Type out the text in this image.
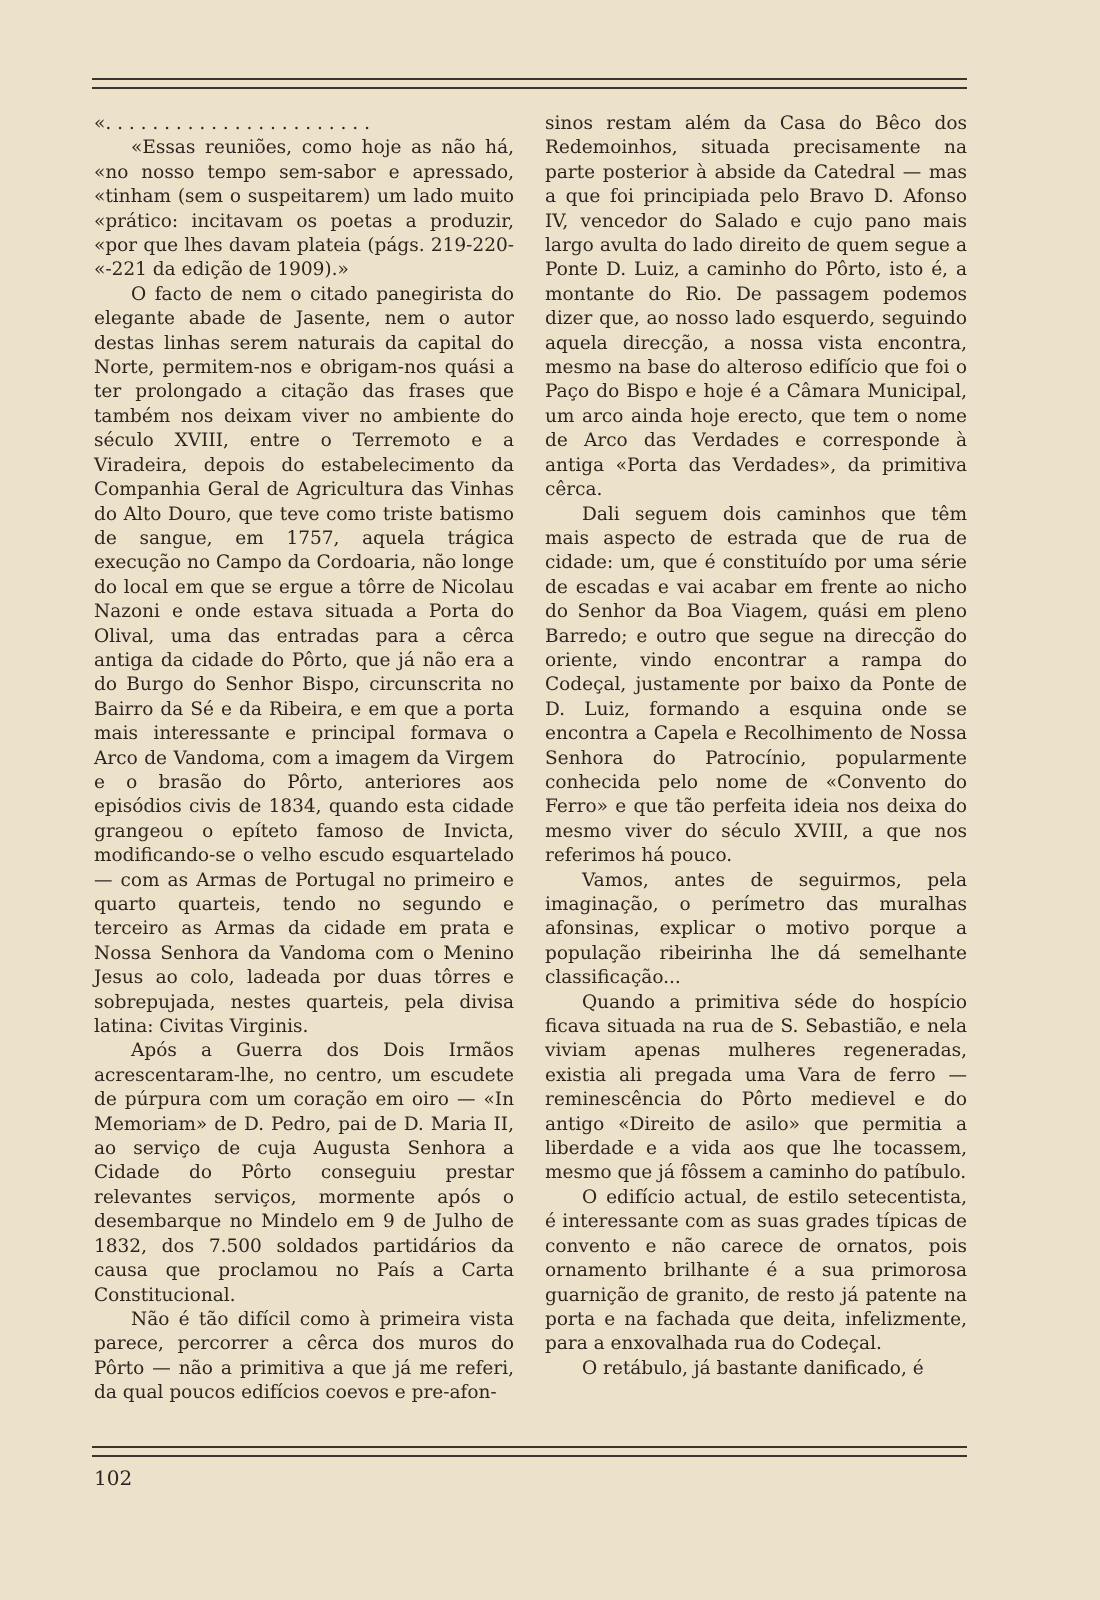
«. . . . . . . . . . . . . . . . . . . . . . .

«Essas reuniões, como hoje as não há, «no nosso tempo sem-sabor e apressado, «tinham (sem o suspeitarem) um lado muito «prático: incitavam os poetas a produzir, «por que lhes davam plateia (págs. 219-220- «-221 da edição de 1909).»

O facto de nem o citado panegirista do elegante abade de Jasente, nem o autor destas linhas serem naturais da capital do Norte, permitem-nos e obrigam-nos quási a ter prolongado a citação das frases que também nos deixam viver no ambiente do século XVIII, entre o Terremoto e a Viradeira, depois do estabelecimento da Companhia Geral de Agricultura das Vinhas do Alto Douro, que teve como triste batismo de sangue, em 1757, aquela trágica execução no Campo da Cordoaria, não longe do local em que se ergue a tôrre de Nicolau Nazoni e onde estava situada a Porta do Olival, uma das entradas para a cêrca antiga da cidade do Pôrto, que já não era a do Burgo do Senhor Bispo, circunscrita no Bairro da Sé e da Ribeira, e em que a porta mais interessante e principal formava o Arco de Vandoma, com a imagem da Virgem e o brasão do Pôrto, anteriores aos episódios civis de 1834, quando esta cidade grangeou o epíteto famoso de Invicta, modificando-se o velho escudo esquartelado — com as Armas de Portugal no primeiro e quarto quarteis, tendo no segundo e terceiro as Armas da cidade em prata e Nossa Senhora da Vandoma com o Menino Jesus ao colo, ladeada por duas tôrres e sobrepujada, nestes quarteis, pela divisa latina: Civitas Virginis.

Após a Guerra dos Dois Irmãos acrescentaram-lhe, no centro, um escudete de púrpura com um coração em oiro — «In Memoriam» de D. Pedro, pai de D. Maria II, ao serviço de cuja Augusta Senhora a Cidade do Pôrto conseguiu prestar relevantes serviços, mormente após o desembarque no Mindelo em 9 de Julho de 1832, dos 7.500 soldados partidários da causa que proclamou no País a Carta Constitucional.

Não é tão difícil como à primeira vista parece, percorrer a cêrca dos muros do Pôrto — não a primitiva a que já me referi, da qual poucos edifícios coevos e pre-afon-

sinos restam além da Casa do Bêco dos Redemoinhos, situada precisamente na parte posterior à abside da Catedral — mas a que foi principiada pelo Bravo D. Afonso IV, vencedor do Salado e cujo pano mais largo avulta do lado direito de quem segue a Ponte D. Luiz, a caminho do Pôrto, isto é, a montante do Rio. De passagem podemos dizer que, ao nosso lado esquerdo, seguindo aquela direcção, a nossa vista encontra, mesmo na base do alteroso edifício que foi o Paço do Bispo e hoje é a Câmara Municipal, um arco ainda hoje erecto, que tem o nome de Arco das Verdades e corresponde à antiga «Porta das Verdades», da primitiva cêrca.

Dali seguem dois caminhos que têm mais aspecto de estrada que de rua de cidade: um, que é constituído por uma série de escadas e vai acabar em frente ao nicho do Senhor da Boa Viagem, quási em pleno Barredo; e outro que segue na direcção do oriente, vindo encontrar a rampa do Codeçal, justamente por baixo da Ponte de D. Luiz, formando a esquina onde se encontra a Capela e Recolhimento de Nossa Senhora do Patrocínio, popularmente conhecida pelo nome de «Convento do Ferro» e que tão perfeita ideia nos deixa do mesmo viver do século XVIII, a que nos referimos há pouco.

Vamos, antes de seguirmos, pela imaginação, o perímetro das muralhas afonsinas, explicar o motivo porque a população ribeirinha lhe dá semelhante classificação...

Quando a primitiva séde do hospício ficava situada na rua de S. Sebastião, e nela viviam apenas mulheres regeneradas, existia ali pregada uma Vara de ferro — reminescência do Pôrto medievel e do antigo «Direito de asilo» que permitia a liberdade e a vida aos que lhe tocassem, mesmo que já fôssem a caminho do patíbulo.

O edifício actual, de estilo setecentista, é interessante com as suas grades típicas de convento e não carece de ornatos, pois ornamento brilhante é a sua primorosa guarnição de granito, de resto já patente na porta e na fachada que deita, infelizmente, para a enxovalhada rua do Codeçal.

O retábulo, já bastante danificado, é

102
